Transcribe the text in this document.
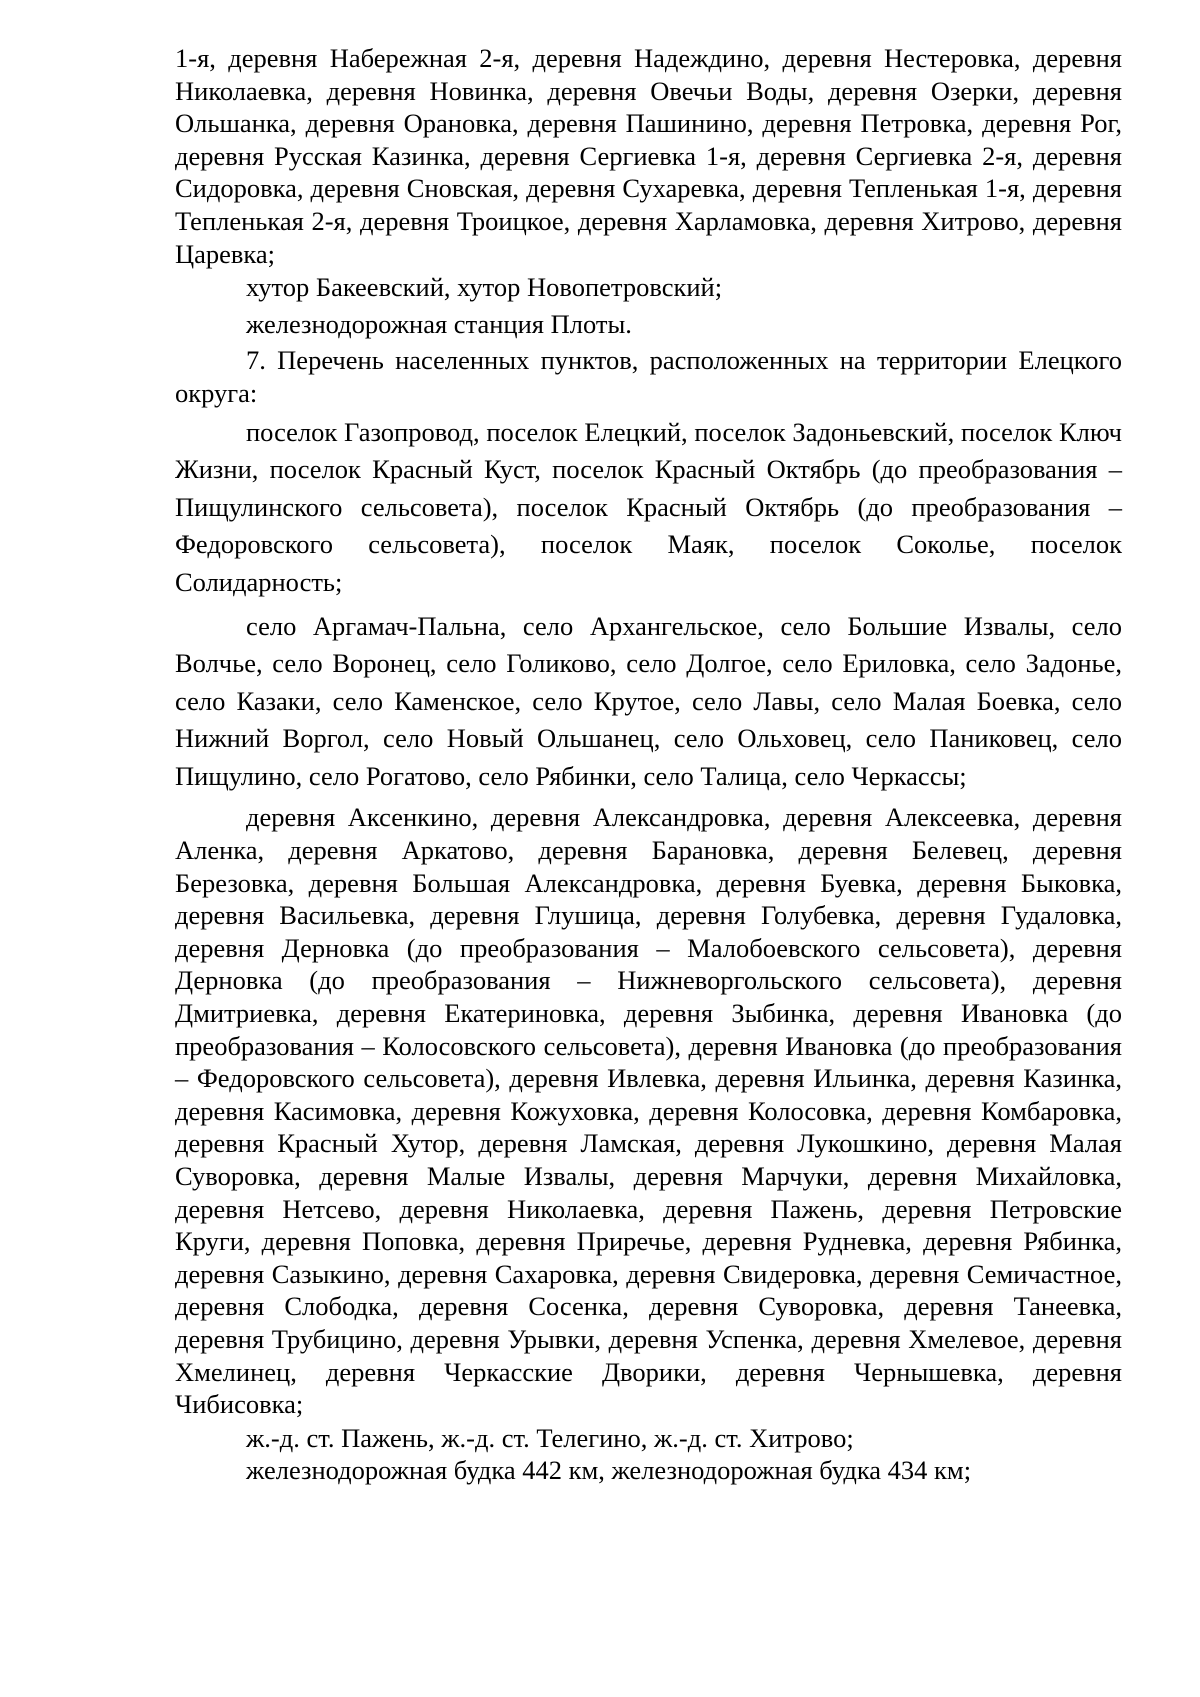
1-я, деревня Набережная 2-я, деревня Надеждино, деревня Нестеровка, деревня Николаевка, деревня Новинка, деревня Овечьи Воды, деревня Озерки, деревня Ольшанка, деревня Орановка, деревня Пашинино, деревня Петровка, деревня Рог, деревня Русская Казинка, деревня Сергиевка 1-я, деревня Сергиевка 2-я, деревня Сидоровка, деревня Сновская, деревня Сухаревка, деревня Тепленькая 1-я, деревня Тепленькая 2-я, деревня Троицкое, деревня Харламовка, деревня Хитрово, деревня Царевка;

хутор Бакеевский, хутор Новопетровский;

железнодорожная станция Плоты.

7. Перечень населенных пунктов, расположенных на территории Елецкого округа:

поселок Газопровод, поселок Елецкий, поселок Задоньевский, поселок Ключ Жизни, поселок Красный Куст, поселок Красный Октябрь (до преобразования – Пищулинского сельсовета), поселок Красный Октябрь (до преобразования – Федоровского сельсовета), поселок Маяк, поселок Соколье, поселок Солидарность;

село Аргамач-Пальна, село Архангельское, село Большие Извалы, село Волчье, село Воронец, село Голиково, село Долгое, село Ериловка, село Задонье, село Казаки, село Каменское, село Крутое, село Лавы, село Малая Боевка, село Нижний Воргол, село Новый Ольшанец, село Ольховец, село Паниковец, село Пищулино, село Рогатово, село Рябинки, село Талица, село Черкассы;

деревня Аксенкино, деревня Александровка, деревня Алексеевка, деревня Аленка, деревня Аркатово, деревня Барановка, деревня Белевец, деревня Березовка, деревня Большая Александровка, деревня Буевка, деревня Быковка, деревня Васильевка, деревня Глушица, деревня Голубевка, деревня Гудаловка, деревня Дерновка (до преобразования – Малобоевского сельсовета), деревня Дерновка (до преобразования – Нижневоргольского сельсовета), деревня Дмитриевка, деревня Екатериновка, деревня Зыбинка, деревня Ивановка (до преобразования – Колосовского сельсовета), деревня Ивановка (до преобразования – Федоровского сельсовета), деревня Ивлевка, деревня Ильинка, деревня Казинка, деревня Касимовка, деревня Кожуховка, деревня Колосовка, деревня Комбаровка, деревня Красный Хутор, деревня Ламская, деревня Лукошкино, деревня Малая Суворовка, деревня Малые Извалы, деревня Марчуки, деревня Михайловка, деревня Нетсево, деревня Николаевка, деревня Пажень, деревня Петровские Круги, деревня Поповка, деревня Приречье, деревня Рудневка, деревня Рябинка, деревня Сазыкино, деревня Сахаровка, деревня Свидеровка, деревня Семичастное, деревня Слободка, деревня Сосенка, деревня Суворовка, деревня Танеевка, деревня Трубицино, деревня Урывки, деревня Успенка, деревня Хмелевое, деревня Хмелинец, деревня Черкасские Дворики, деревня Чернышевка, деревня Чибисовка;

ж.-д. ст. Пажень, ж.-д. ст. Телегино, ж.-д. ст. Хитрово;

железнодорожная будка 442 км, железнодорожная будка 434 км;
